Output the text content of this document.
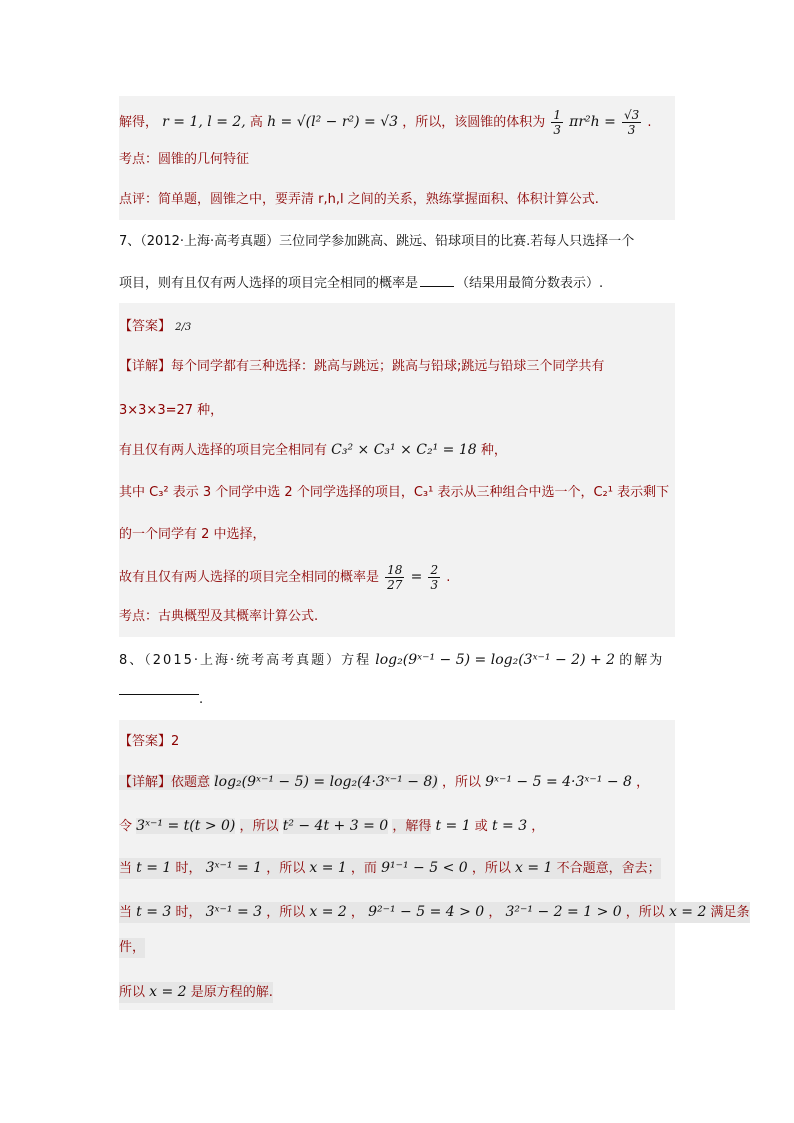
解得， r = 1, l = 2, 高 h = √(l² − r²) = √3 ，所以，该圆锥的体积为 $\frac{1}{3} \pi r^2h = \frac{√3}{3}$ .
考点：圆锥的几何特征
点评：简单题，圆锥之中，要弄清 r,h,l 之间的关系，熟练掌握面积、体积计算公式.
7、（2012·上海·高考真题）三位同学参加跳高、跳远、铅球项目的比赛.若每人只选择一个
项目，则有且仅有两人选择的项目完全相同的概率是	（结果用最简分数表示）.
【答案】 2/3
【详解】每个同学都有三种选择：跳高与跳远；跳高与铅球;跳远与铅球三个同学共有
3×3×3=27 种，
有且仅有两人选择的项目完全相同有 C₃² × C₃¹ × C₂¹ = 18 种，
其中 C₃² 表示 3 个同学中选 2 个同学选择的项目，C₃¹ 表示从三种组合中选一个，C₂¹ 表示剩下
的一个同学有 2 中选择，
故有且仅有两人选择的项目完全相同的概率是 $\frac{18}{27} = \frac{2}{3}$ .
考点：古典概型及其概率计算公式.
8、（2015·上海·统考高考真题）方程 log₂(9ˣ⁻¹ − 5) = log₂(3ˣ⁻¹ − 2) + 2 的解为
.
【答案】2
【详解】依题意 log₂(9ˣ⁻¹ − 5) = log₂(4·3ˣ⁻¹ − 8) ，所以 9ˣ⁻¹ − 5 = 4·3ˣ⁻¹ − 8 ，
令 3ˣ⁻¹ = t(t > 0) ，所以 t² − 4t + 3 = 0 ，解得 t = 1 或 t = 3 ，
当 t = 1 时， 3ˣ⁻¹ = 1 ，所以 x = 1 ，而 9¹⁻¹ − 5 < 0 ，所以 x = 1 不合题意，舍去；
当 t = 3 时， 3ˣ⁻¹ = 3 ，所以 x = 2 ， 9²⁻¹ − 5 = 4 > 0 ， 3²⁻¹ − 2 = 1 > 0 ，所以 x = 2 满足条
件，
所以 x = 2 是原方程的解.
